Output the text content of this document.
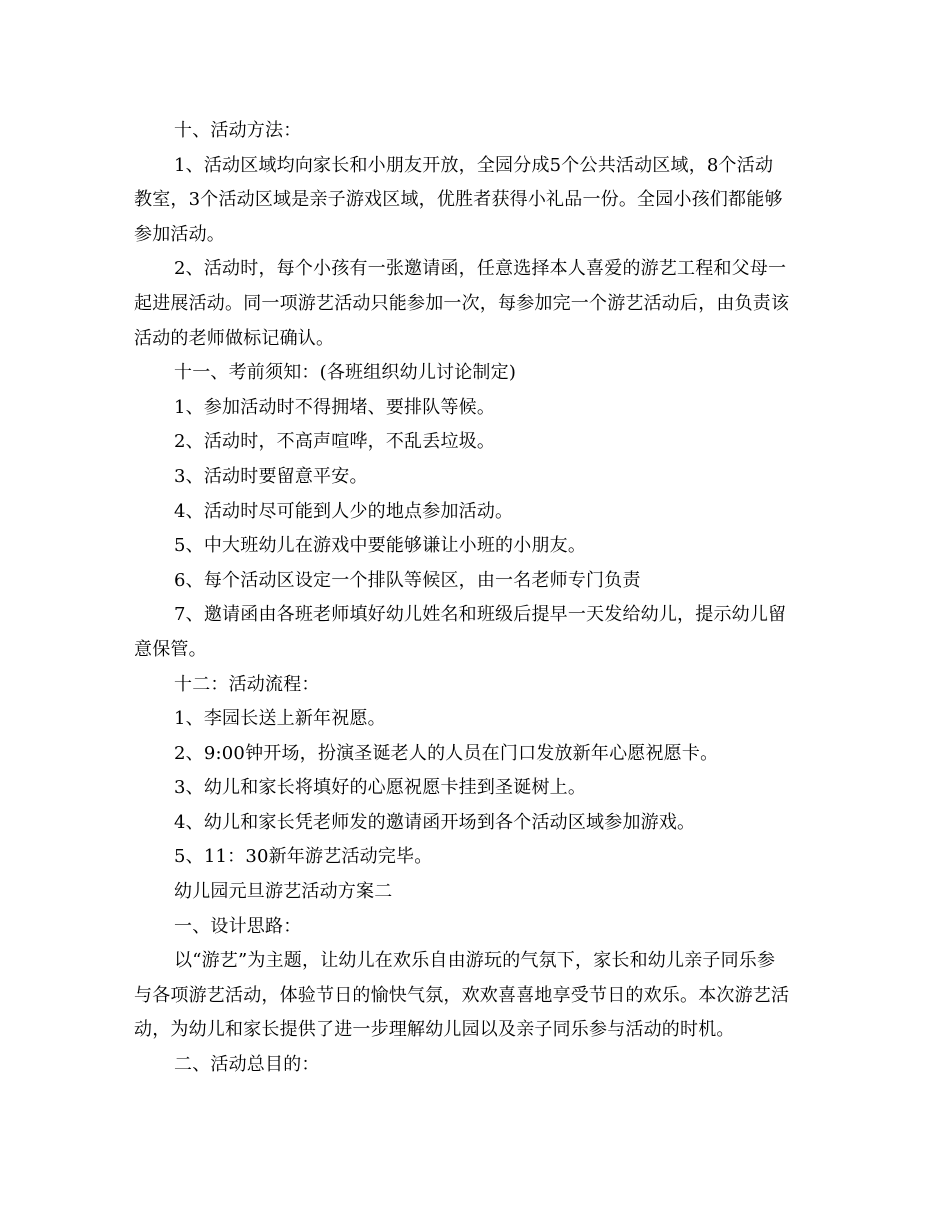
十、活动方法：
1、活动区域均向家长和小朋友开放，全园分成5个公共活动区域，8个活动
教室，3个活动区域是亲子游戏区域，优胜者获得小礼品一份。全园小孩们都能够
参加活动。
2、活动时，每个小孩有一张邀请函，任意选择本人喜爱的游艺工程和父母一
起进展活动。同一项游艺活动只能参加一次，每参加完一个游艺活动后，由负责该
活动的老师做标记确认。
十一、考前须知：(各班组织幼儿讨论制定)
1、参加活动时不得拥堵、要排队等候。
2、活动时，不高声喧哗，不乱丢垃圾。
3、活动时要留意平安。
4、活动时尽可能到人少的地点参加活动。
5、中大班幼儿在游戏中要能够谦让小班的小朋友。
6、每个活动区设定一个排队等候区，由一名老师专门负责
7、邀请函由各班老师填好幼儿姓名和班级后提早一天发给幼儿，提示幼儿留
意保管。
十二：活动流程：
1、李园长送上新年祝愿。
2、9:00钟开场，扮演圣诞老人的人员在门口发放新年心愿祝愿卡。
3、幼儿和家长将填好的心愿祝愿卡挂到圣诞树上。
4、幼儿和家长凭老师发的邀请函开场到各个活动区域参加游戏。
5、11：30新年游艺活动完毕。
幼儿园元旦游艺活动方案二
一、设计思路：
以“游艺”为主题，让幼儿在欢乐自由游玩的气氛下，家长和幼儿亲子同乐参
与各项游艺活动，体验节日的愉快气氛，欢欢喜喜地享受节日的欢乐。本次游艺活
动，为幼儿和家长提供了进一步理解幼儿园以及亲子同乐参与活动的时机。
二、活动总目的：
